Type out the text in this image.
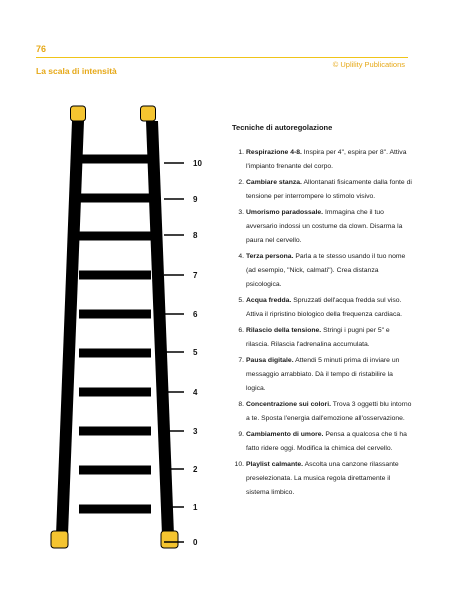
76
© Uplility Publications
La scala di intensità
10
9
8
7
6
5
4
3
2
1
0
Tecniche di autoregolazione
1. Respirazione 4-8. Inspira per 4", espira per 8". Attiva l'impianto frenante del corpo.
2. Cambiare stanza. Allontanati fisicamente dalla fonte di tensione per interrompere lo stimolo visivo.
3. Umorismo paradossale. Immagina che il tuo avversario indossi un costume da clown. Disarma la paura nel cervello.
4. Terza persona. Parla a te stesso usando il tuo nome (ad esempio, "Nick, calmati"). Crea distanza psicologica.
5. Acqua fredda. Spruzzati dell'acqua fredda sul viso. Attiva il ripristino biologico della frequenza cardiaca.
6. Rilascio della tensione. Stringi i pugni per 5" e rilascia. Rilascia l'adrenalina accumulata.
7. Pausa digitale. Attendi 5 minuti prima di inviare un messaggio arrabbiato. Dà il tempo di ristabilire la logica.
8. Concentrazione sui colori. Trova 3 oggetti blu intorno a te. Sposta l'energia dall'emozione all'osservazione.
9. Cambiamento di umore. Pensa a qualcosa che ti ha fatto ridere oggi. Modifica la chimica del cervello.
10. Playlist calmante. Ascolta una canzone rilassante preselezionata. La musica regola direttamente il sistema limbico.
